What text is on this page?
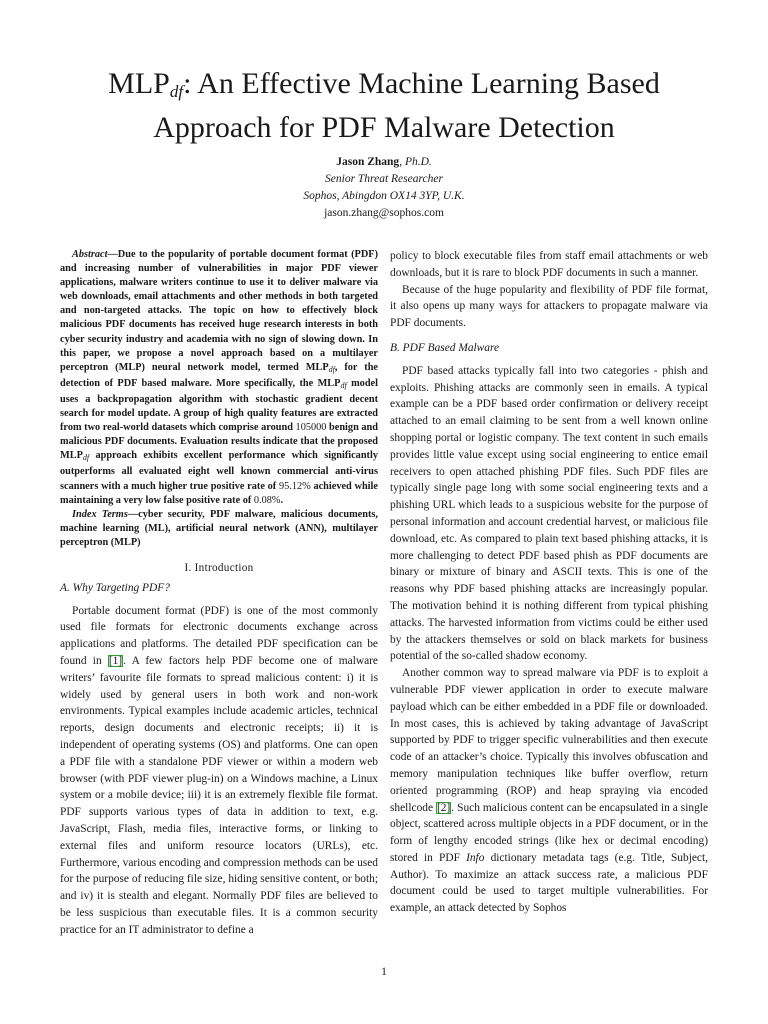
$MLP_{df}$: An Effective Machine Learning Based
Approach for PDF Malware Detection
Jason Zhang, Ph.D.
Senior Threat Researcher
Sophos, Abingdon OX14 3YP, U.K.
jason.zhang@sophos.com

Abstract—Due to the popularity of portable document format (PDF) and increasing number of vulnerabilities in major PDF viewer applications, malware writers continue to use it to deliver malware via web downloads, email attachments and other methods in both targeted and non-targeted attacks. The topic on how to effectively block malicious PDF documents has received huge research interests in both cyber security industry and academia with no sign of slowing down. In this paper, we propose a novel approach based on a multilayer perceptron (MLP) neural network model, termed $MLP_{df}$, for the detection of PDF based malware. More specifically, the $MLP_{df}$ model uses a backpropagation algorithm with stochastic gradient decent search for model update. A group of high quality features are extracted from two real-world datasets which comprise around 105000 benign and malicious PDF documents. Evaluation results indicate that the proposed $MLP_{df}$ approach exhibits excellent performance which significantly outperforms all evaluated eight well known commercial anti-virus scanners with a much higher true positive rate of 95.12% achieved while maintaining a very low false positive rate of 0.08%.

Index Terms—cyber security, PDF malware, malicious documents, machine learning (ML), artificial neural network (ANN), multilayer perceptron (MLP)

I. Introduction
A. Why Targeting PDF?

Portable document format (PDF) is one of the most commonly used file formats for electronic documents exchange across applications and platforms. The detailed PDF specification can be found in [1]. A few factors help PDF become one of malware writers’ favourite file formats to spread malicious content: i) it is widely used by general users in both work and non-work environments. Typical examples include academic articles, technical reports, design documents and electronic receipts; ii) it is independent of operating systems (OS) and platforms. One can open a PDF file with a standalone PDF viewer or within a modern web browser (with PDF viewer plug-in) on a Windows machine, a Linux system or a mobile device; iii) it is an extremely flexible file format. PDF supports various types of data in addition to text, e.g. JavaScript, Flash, media files, interactive forms, or linking to external files and uniform resource locators (URLs), etc. Furthermore, various encoding and compression methods can be used for the purpose of reducing file size, hiding sensitive content, or both; and iv) it is stealth and elegant. Normally PDF files are believed to be less suspicious than executable files. It is a common security practice for an IT administrator to define a

policy to block executable files from staff email attachments or web downloads, but it is rare to block PDF documents in such a manner.

Because of the huge popularity and flexibility of PDF file format, it also opens up many ways for attackers to propagate malware via PDF documents.

B. PDF Based Malware

PDF based attacks typically fall into two categories - phish and exploits. Phishing attacks are commonly seen in emails. A typical example can be a PDF based order confirmation or delivery receipt attached to an email claiming to be sent from a well known online shopping portal or logistic company. The text content in such emails provides little value except using social engineering to entice email receivers to open attached phishing PDF files. Such PDF files are typically single page long with some social engineering texts and a phishing URL which leads to a suspicious website for the purpose of personal information and account credential harvest, or malicious file download, etc. As compared to plain text based phishing attacks, it is more challenging to detect PDF based phish as PDF documents are binary or mixture of binary and ASCII texts. This is one of the reasons why PDF based phishing attacks are increasingly popular. The motivation behind it is nothing different from typical phishing attacks. The harvested information from victims could be either used by the attackers themselves or sold on black markets for business potential of the so-called shadow economy.

Another common way to spread malware via PDF is to exploit a vulnerable PDF viewer application in order to execute malware payload which can be either embedded in a PDF file or downloaded. In most cases, this is achieved by taking advantage of JavaScript supported by PDF to trigger specific vulnerabilities and then execute code of an attacker’s choice. Typically this involves obfuscation and memory manipulation techniques like buffer overflow, return oriented programming (ROP) and heap spraying via encoded shellcode [2]. Such malicious content can be encapsulated in a single object, scattered across multiple objects in a PDF document, or in the form of lengthy encoded strings (like hex or decimal encoding) stored in PDF Info dictionary metadata tags (e.g. Title, Subject, Author). To maximize an attack success rate, a malicious PDF document could be used to target multiple vulnerabilities. For example, an attack detected by Sophos

1
